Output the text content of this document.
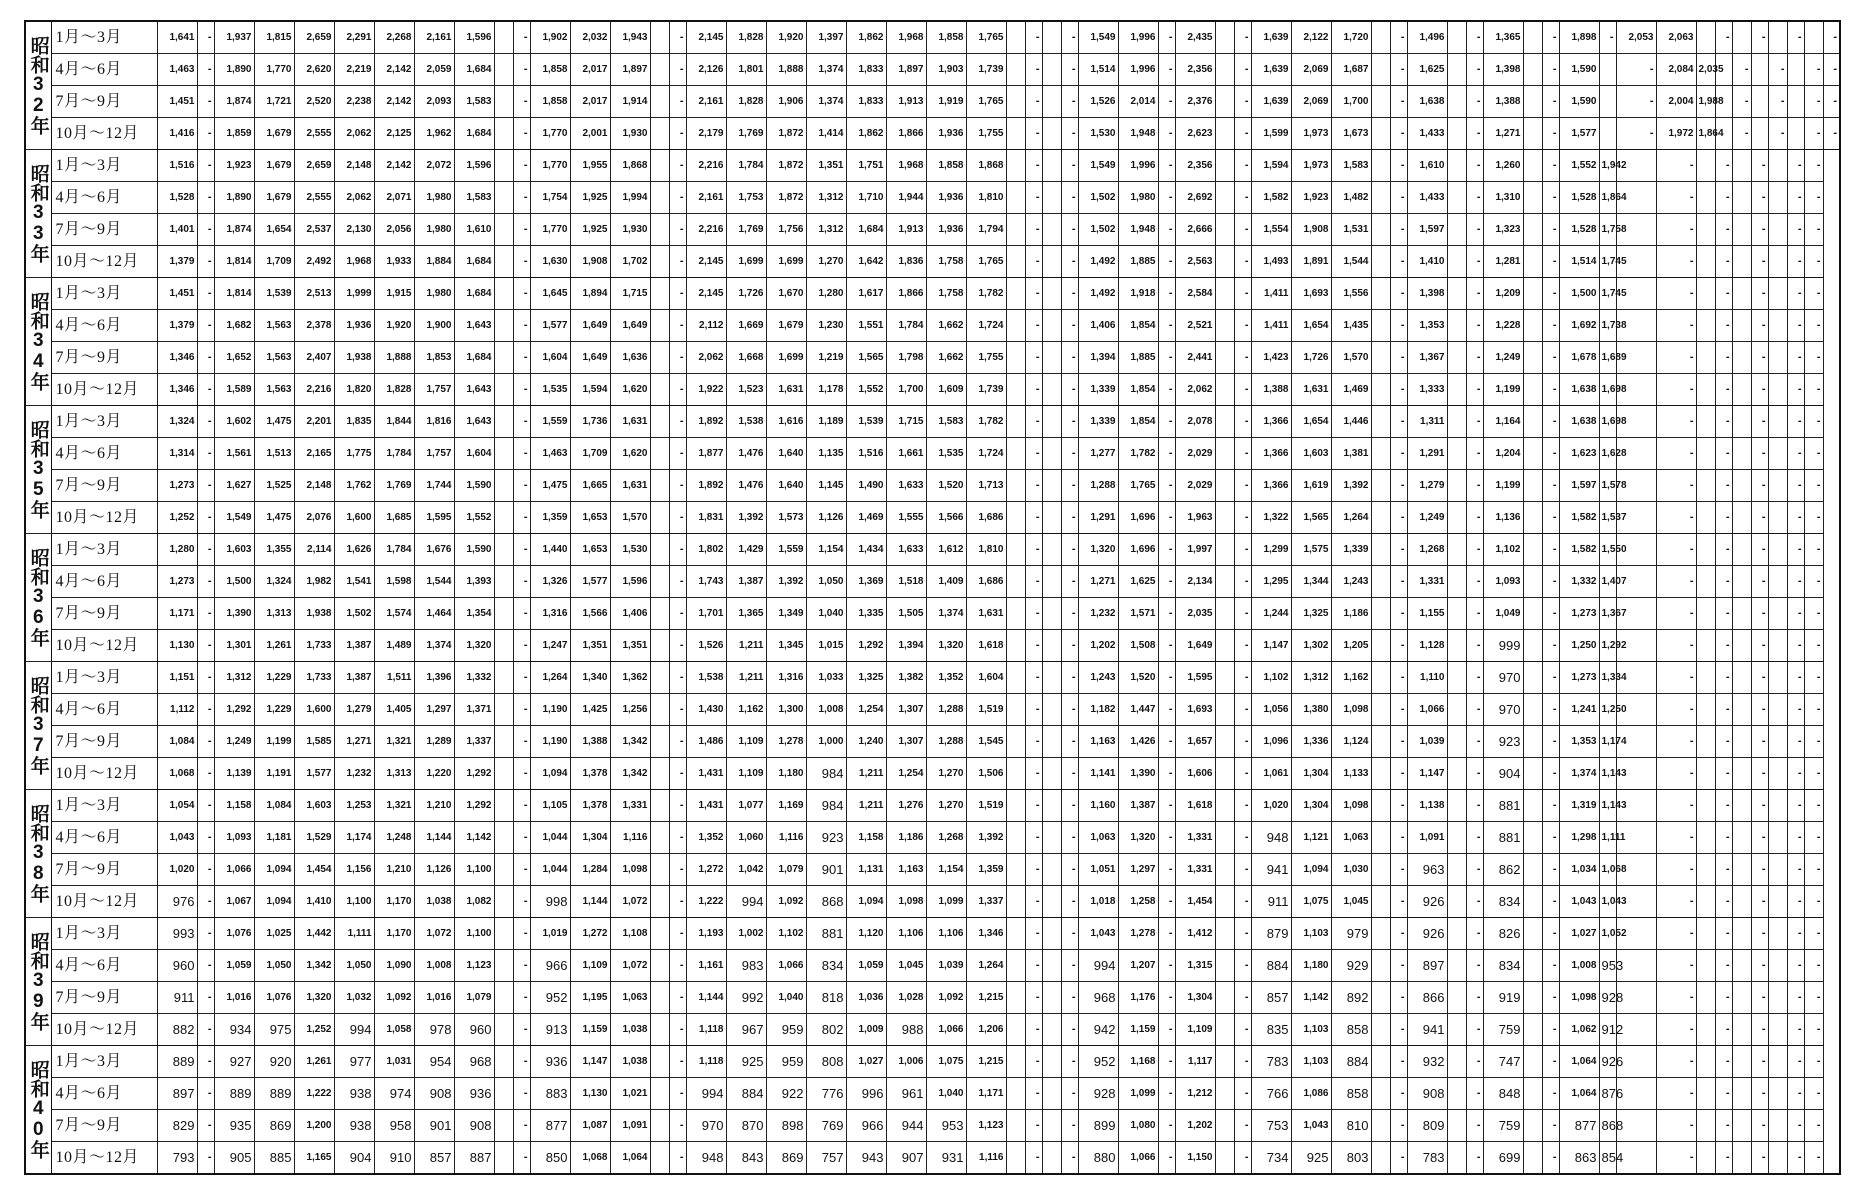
昭和32年	1月～3月	1,641	-	1,937	1,815	2,659	2,291	2,268	2,161	1,596		-	1,902	2,032	1,943		-	2,145	1,828	1,920	1,397	1,862	1,968	1,858	1,765		-		-	1,549	1,996	-	2,435		-	1,639	2,122	1,720		-	1,496		-	1,365		-	1,898	-	2,053	2,063		-		-		-		-
	4月～6月	1,463	-	1,890	1,770	2,620	2,219	2,142	2,059	1,684		-	1,858	2,017	1,897		-	2,126	1,801	1,888	1,374	1,833	1,897	1,903	1,739		-		-	1,514	1,996	-	2,356		-	1,639	2,069	1,687		-	1,625		-	1,398		-	1,590		-	2,084	2,035		-		-		-	-
	7月～9月	1,451	-	1,874	1,721	2,520	2,238	2,142	2,093	1,583		-	1,858	2,017	1,914		-	2,161	1,828	1,906	1,374	1,833	1,913	1,919	1,765		-		-	1,526	2,014	-	2,376		-	1,639	2,069	1,700		-	1,638		-	1,388		-	1,590		-	2,004	1,988		-		-		-	-
	10月～12月	1,416	-	1,859	1,679	2,555	2,062	2,125	1,962	1,684		-	1,770	2,001	1,930		-	2,179	1,769	1,872	1,414	1,862	1,866	1,936	1,755		-		-	1,530	1,948	-	2,623		-	1,599	1,973	1,673		-	1,433		-	1,271		-	1,577		-	1,972	1,864		-		-		-	-
昭和33年	1月～3月	1,516	-	1,923	1,679	2,659	2,148	2,142	2,072	1,596		-	1,770	1,955	1,868		-	2,216	1,784	1,872	1,351	1,751	1,968	1,858	1,868		-		-	1,549	1,996	-	2,356		-	1,594	1,973	1,583		-	1,610		-	1,260		-	1,552	1,942		-		-		-		-	-	
	4月～6月	1,528	-	1,890	1,679	2,555	2,062	2,071	1,980	1,583		-	1,754	1,925	1,994		-	2,161	1,753	1,872	1,312	1,710	1,944	1,936	1,810		-		-	1,502	1,980	-	2,692		-	1,582	1,923	1,482		-	1,433		-	1,310		-	1,528	1,864		-		-		-		-	-	
	7月～9月	1,401	-	1,874	1,654	2,537	2,130	2,056	1,980	1,610		-	1,770	1,925	1,930		-	2,216	1,769	1,756	1,312	1,684	1,913	1,936	1,794		-		-	1,502	1,948	-	2,666		-	1,554	1,908	1,531		-	1,597		-	1,323		-	1,528	1,758		-		-		-		-	-	
	10月～12月	1,379	-	1,814	1,709	2,492	1,968	1,933	1,884	1,684		-	1,630	1,908	1,702		-	2,145	1,699	1,699	1,270	1,642	1,836	1,758	1,765		-		-	1,492	1,885	-	2,563		-	1,493	1,891	1,544		-	1,410		-	1,281		-	1,514	1,745		-		-		-		-	-	
昭和34年	1月～3月	1,451	-	1,814	1,539	2,513	1,999	1,915	1,980	1,684		-	1,645	1,894	1,715		-	2,145	1,726	1,670	1,280	1,617	1,866	1,758	1,782		-		-	1,492	1,918	-	2,584		-	1,411	1,693	1,556		-	1,398		-	1,209		-	1,500	1,745		-		-		-		-	-	
	4月～6月	1,379	-	1,682	1,563	2,378	1,936	1,920	1,900	1,643		-	1,577	1,649	1,649		-	2,112	1,669	1,679	1,230	1,551	1,784	1,662	1,724		-		-	1,406	1,854	-	2,521		-	1,411	1,654	1,435		-	1,353		-	1,228		-	1,692	1,738		-		-		-		-	-	
	7月～9月	1,346	-	1,652	1,563	2,407	1,938	1,888	1,853	1,684		-	1,604	1,649	1,636		-	2,062	1,668	1,699	1,219	1,565	1,798	1,662	1,755		-		-	1,394	1,885	-	2,441		-	1,423	1,726	1,570		-	1,367		-	1,249		-	1,678	1,689		-		-		-		-	-	
	10月～12月	1,346	-	1,589	1,563	2,216	1,820	1,828	1,757	1,643		-	1,535	1,594	1,620		-	1,922	1,523	1,631	1,178	1,552	1,700	1,609	1,739		-		-	1,339	1,854	-	2,062		-	1,388	1,631	1,469		-	1,333		-	1,199		-	1,638	1,698		-		-		-		-	-	
昭和35年	1月～3月	1,324	-	1,602	1,475	2,201	1,835	1,844	1,816	1,643		-	1,559	1,736	1,631		-	1,892	1,538	1,616	1,189	1,539	1,715	1,583	1,782		-		-	1,339	1,854	-	2,078		-	1,366	1,654	1,446		-	1,311		-	1,164		-	1,638	1,698		-		-		-		-	-	
	4月～6月	1,314	-	1,561	1,513	2,165	1,775	1,784	1,757	1,604		-	1,463	1,709	1,620		-	1,877	1,476	1,640	1,135	1,516	1,661	1,535	1,724		-		-	1,277	1,782	-	2,029		-	1,366	1,603	1,381		-	1,291		-	1,204		-	1,623	1,628		-		-		-		-	-	
	7月～9月	1,273	-	1,627	1,525	2,148	1,762	1,769	1,744	1,590		-	1,475	1,665	1,631		-	1,892	1,476	1,640	1,145	1,490	1,633	1,520	1,713		-		-	1,288	1,765	-	2,029		-	1,366	1,619	1,392		-	1,279		-	1,199		-	1,597	1,578		-		-		-		-	-	
	10月～12月	1,252	-	1,549	1,475	2,076	1,600	1,685	1,595	1,552		-	1,359	1,653	1,570		-	1,831	1,392	1,573	1,126	1,469	1,555	1,566	1,686		-		-	1,291	1,696	-	1,963		-	1,322	1,565	1,264		-	1,249		-	1,136		-	1,582	1,537		-		-		-		-	-	
昭和36年	1月～3月	1,280	-	1,603	1,355	2,114	1,626	1,784	1,676	1,590		-	1,440	1,653	1,530		-	1,802	1,429	1,559	1,154	1,434	1,633	1,612	1,810		-		-	1,320	1,696	-	1,997		-	1,299	1,575	1,339		-	1,268		-	1,102		-	1,582	1,550		-		-		-		-	-	
	4月～6月	1,273	-	1,500	1,324	1,982	1,541	1,598	1,544	1,393		-	1,326	1,577	1,596		-	1,743	1,387	1,392	1,050	1,369	1,518	1,409	1,686		-		-	1,271	1,625	-	2,134		-	1,295	1,344	1,243		-	1,331		-	1,093		-	1,332	1,407		-		-		-		-	-	
	7月～9月	1,171	-	1,390	1,313	1,938	1,502	1,574	1,464	1,354		-	1,316	1,566	1,406		-	1,701	1,365	1,349	1,040	1,335	1,505	1,374	1,631		-		-	1,232	1,571	-	2,035		-	1,244	1,325	1,186		-	1,155		-	1,049		-	1,273	1,367		-		-		-		-	-	
	10月～12月	1,130	-	1,301	1,261	1,733	1,387	1,489	1,374	1,320		-	1,247	1,351	1,351		-	1,526	1,211	1,345	1,015	1,292	1,394	1,320	1,618		-		-	1,202	1,508	-	1,649		-	1,147	1,302	1,205		-	1,128		-	999		-	1,250	1,292		-		-		-		-	-	
昭和37年	1月～3月	1,151	-	1,312	1,229	1,733	1,387	1,511	1,396	1,332		-	1,264	1,340	1,362		-	1,538	1,211	1,316	1,033	1,325	1,382	1,352	1,604		-		-	1,243	1,520	-	1,595		-	1,102	1,312	1,162		-	1,110		-	970		-	1,273	1,334		-		-		-		-	-	
	4月～6月	1,112	-	1,292	1,229	1,600	1,279	1,405	1,297	1,371		-	1,190	1,425	1,256		-	1,430	1,162	1,300	1,008	1,254	1,307	1,288	1,519		-		-	1,182	1,447	-	1,693		-	1,056	1,380	1,098		-	1,066		-	970		-	1,241	1,250		-		-		-		-	-	
	7月～9月	1,084	-	1,249	1,199	1,585	1,271	1,321	1,289	1,337		-	1,190	1,388	1,342		-	1,486	1,109	1,278	1,000	1,240	1,307	1,288	1,545		-		-	1,163	1,426	-	1,657		-	1,096	1,336	1,124		-	1,039		-	923		-	1,353	1,174		-		-		-		-	-	
	10月～12月	1,068	-	1,139	1,191	1,577	1,232	1,313	1,220	1,292		-	1,094	1,378	1,342		-	1,431	1,109	1,180	984	1,211	1,254	1,270	1,506		-		-	1,141	1,390	-	1,606		-	1,061	1,304	1,133		-	1,147		-	904		-	1,374	1,143		-		-		-		-	-	
昭和38年	1月～3月	1,054	-	1,158	1,084	1,603	1,253	1,321	1,210	1,292		-	1,105	1,378	1,331		-	1,431	1,077	1,169	984	1,211	1,276	1,270	1,519		-		-	1,160	1,387	-	1,618		-	1,020	1,304	1,098		-	1,138		-	881		-	1,319	1,143		-		-		-		-	-	
	4月～6月	1,043	-	1,093	1,181	1,529	1,174	1,248	1,144	1,142		-	1,044	1,304	1,116		-	1,352	1,060	1,116	923	1,158	1,186	1,268	1,392		-		-	1,063	1,320	-	1,331		-	948	1,121	1,063		-	1,091		-	881		-	1,298	1,111		-		-		-		-	-	
	7月～9月	1,020	-	1,066	1,094	1,454	1,156	1,210	1,126	1,100		-	1,044	1,284	1,098		-	1,272	1,042	1,079	901	1,131	1,163	1,154	1,359		-		-	1,051	1,297	-	1,331		-	941	1,094	1,030		-	963		-	862		-	1,034	1,068		-		-		-		-	-	
	10月～12月	976	-	1,067	1,094	1,410	1,100	1,170	1,038	1,082		-	998	1,144	1,072		-	1,222	994	1,092	868	1,094	1,098	1,099	1,337		-		-	1,018	1,258	-	1,454		-	911	1,075	1,045		-	926		-	834		-	1,043	1,043		-		-		-		-	-	
昭和39年	1月～3月	993	-	1,076	1,025	1,442	1,111	1,170	1,072	1,100		-	1,019	1,272	1,108		-	1,193	1,002	1,102	881	1,120	1,106	1,106	1,346		-		-	1,043	1,278	-	1,412		-	879	1,103	979		-	926		-	826		-	1,027	1,052		-		-		-		-	-	
	4月～6月	960	-	1,059	1,050	1,342	1,050	1,090	1,008	1,123		-	966	1,109	1,072		-	1,161	983	1,066	834	1,059	1,045	1,039	1,264		-		-	994	1,207	-	1,315		-	884	1,180	929		-	897		-	834		-	1,008	953		-		-		-		-	-	
	7月～9月	911	-	1,016	1,076	1,320	1,032	1,092	1,016	1,079		-	952	1,195	1,063		-	1,144	992	1,040	818	1,036	1,028	1,092	1,215		-		-	968	1,176	-	1,304		-	857	1,142	892		-	866		-	919		-	1,098	928		-		-		-		-	-	
	10月～12月	882	-	934	975	1,252	994	1,058	978	960		-	913	1,159	1,038		-	1,118	967	959	802	1,009	988	1,066	1,206		-		-	942	1,159	-	1,109		-	835	1,103	858		-	941		-	759		-	1,062	912		-		-		-		-	-	
昭和40年	1月～3月	889	-	927	920	1,261	977	1,031	954	968		-	936	1,147	1,038		-	1,118	925	959	808	1,027	1,006	1,075	1,215		-		-	952	1,168	-	1,117		-	783	1,103	884		-	932		-	747		-	1,064	926		-		-		-		-	-	
	4月～6月	897	-	889	889	1,222	938	974	908	936		-	883	1,130	1,021		-	994	884	922	776	996	961	1,040	1,171		-		-	928	1,099	-	1,212		-	766	1,086	858		-	908		-	848		-	1,064	876		-		-		-		-	-	
	7月～9月	829	-	935	869	1,200	938	958	901	908		-	877	1,087	1,091		-	970	870	898	769	966	944	953	1,123		-		-	899	1,080	-	1,202		-	753	1,043	810		-	809		-	759		-	877	868		-		-		-		-	-	
	10月～12月	793	-	905	885	1,165	904	910	857	887		-	850	1,068	1,064		-	948	843	869	757	943	907	931	1,116		-		-	880	1,066	-	1,150		-	734	925	803		-	783		-	699		-	863	854		-		-		-		-	-	
